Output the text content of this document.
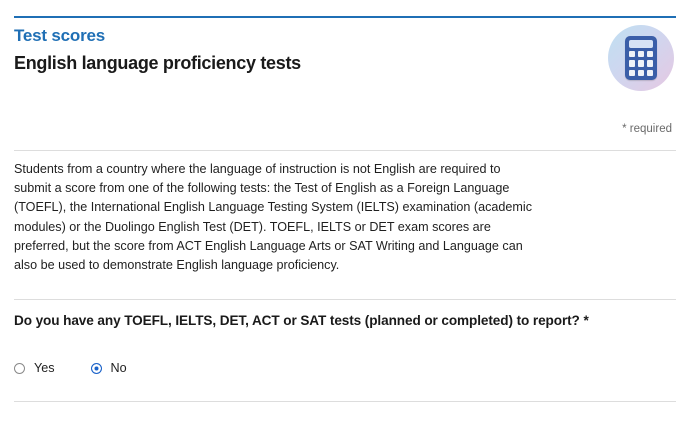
Test scores
English language proficiency tests
* required
Students from a country where the language of instruction is not English are required to submit a score from one of the following tests: the Test of English as a Foreign Language (TOEFL), the International English Language Testing System (IELTS) examination (academic modules) or the Duolingo English Test (DET). TOEFL, IELTS or DET exam scores are preferred, but the score from ACT English Language Arts or SAT Writing and Language can also be used to demonstrate English language proficiency.
Do you have any TOEFL, IELTS, DET, ACT or SAT tests (planned or completed) to report? *
Yes	No
